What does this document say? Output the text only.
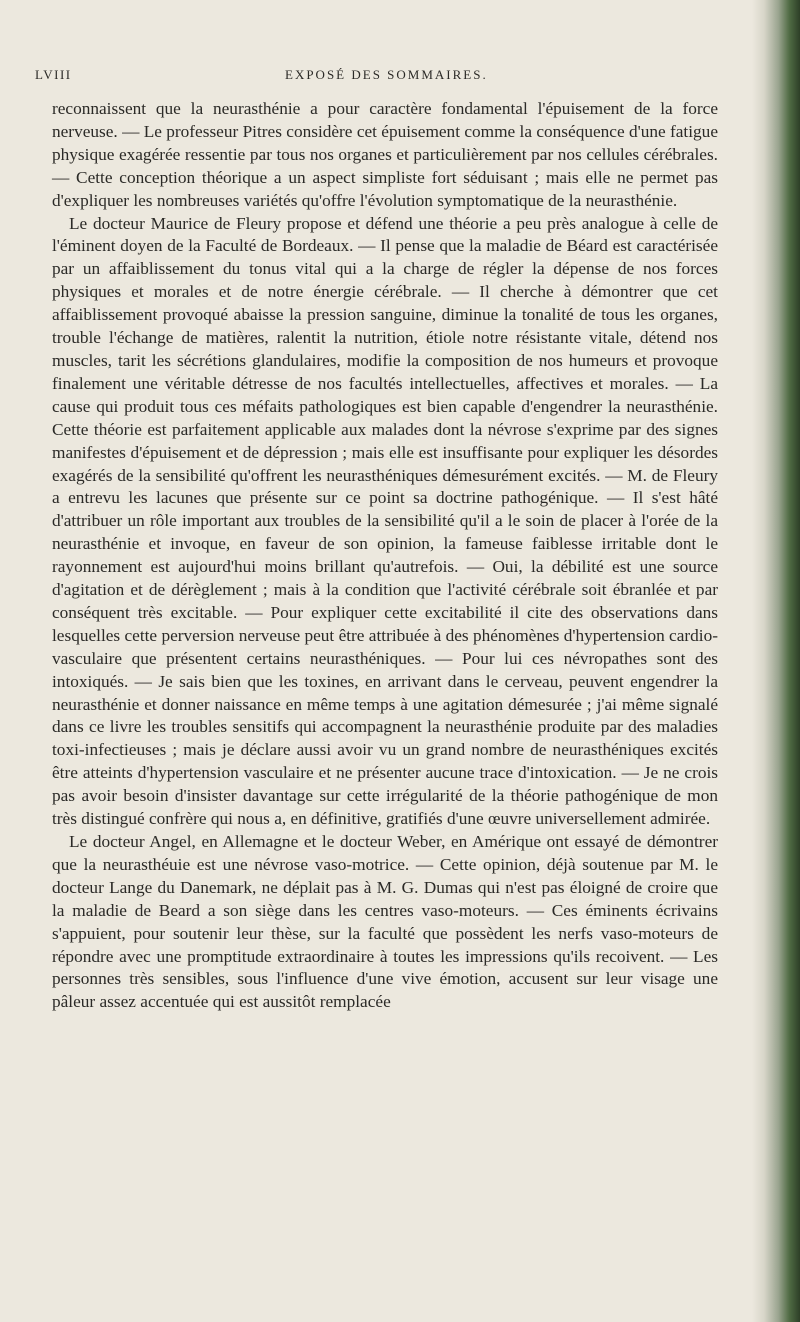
LVIII	EXPOSÉ DES SOMMAIRES.

reconnaissent que la neurasthénie a pour caractère fondamental l'épuisement de la force nerveuse. — Le professeur Pitres considère cet épuisement comme la conséquence d'une fatigue physique exagérée ressentie par tous nos organes et particulièrement par nos cellules cérébrales. — Cette conception théorique a un aspect simpliste fort séduisant ; mais elle ne permet pas d'expliquer les nombreuses variétés qu'offre l'évolution symptomatique de la neurasthénie.

Le docteur Maurice de Fleury propose et défend une théorie a peu près analogue à celle de l'éminent doyen de la Faculté de Bordeaux. — Il pense que la maladie de Béard est caractérisée par un affaiblissement du tonus vital qui a la charge de régler la dépense de nos forces physiques et morales et de notre énergie cérébrale. — Il cherche à démontrer que cet affaiblissement provoqué abaisse la pression sanguine, diminue la tonalité de tous les organes, trouble l'échange de matières, ralentit la nutrition, étiole notre résistante vitale, détend nos muscles, tarit les sécrétions glandulaires, modifie la composition de nos humeurs et provoque finalement une véritable détresse de nos facultés intellectuelles, affectives et morales. — La cause qui produit tous ces méfaits pathologiques est bien capable d'engendrer la neurasthénie. Cette théorie est parfaitement applicable aux malades dont la névrose s'exprime par des signes manifestes d'épuisement et de dépression ; mais elle est insuffisante pour expliquer les désordes exagérés de la sensibilité qu'offrent les neurasthéniques démesurément excités. — M. de Fleury a entrevu les lacunes que présente sur ce point sa doctrine pathogénique. — Il s'est hâté d'attribuer un rôle important aux troubles de la sensibilité qu'il a le soin de placer à l'orée de la neurasthénie et invoque, en faveur de son opinion, la fameuse faiblesse irritable dont le rayonnement est aujourd'hui moins brillant qu'autrefois. — Oui, la débilité est une source d'agitation et de dérèglement ; mais à la condition que l'activité cérébrale soit ébranlée et par conséquent très excitable. — Pour expliquer cette excitabilité il cite des observations dans lesquelles cette perversion nerveuse peut être attribuée à des phénomènes d'hypertension cardio-vasculaire que présentent certains neurasthéniques. — Pour lui ces névropathes sont des intoxiqués. — Je sais bien que les toxines, en arrivant dans le cerveau, peuvent engendrer la neurasthénie et donner naissance en même temps à une agitation démesurée ; j'ai même signalé dans ce livre les troubles sensitifs qui accompagnent la neurasthénie produite par des maladies toxi-infectieuses ; mais je déclare aussi avoir vu un grand nombre de neurasthéniques excités être atteints d'hypertension vasculaire et ne présenter aucune trace d'intoxication. — Je ne crois pas avoir besoin d'insister davantage sur cette irrégularité de la théorie pathogénique de mon très distingué confrère qui nous a, en définitive, gratifiés d'une œuvre universellement admirée.

Le docteur Angel, en Allemagne et le docteur Weber, en Amérique ont essayé de démontrer que la neurasthéuie est une névrose vaso-motrice. — Cette opinion, déjà soutenue par M. le docteur Lange du Danemark, ne déplait pas à M. G. Dumas qui n'est pas éloigné de croire que la maladie de Beard a son siège dans les centres vaso-moteurs. — Ces éminents écrivains s'appuient, pour soutenir leur thèse, sur la faculté que possèdent les nerfs vaso-moteurs de répondre avec une promptitude extraordinaire à toutes les impressions qu'ils recoivent. — Les personnes très sensibles, sous l'influence d'une vive émotion, accusent sur leur visage une pâleur assez accentuée qui est aussitôt remplacée
